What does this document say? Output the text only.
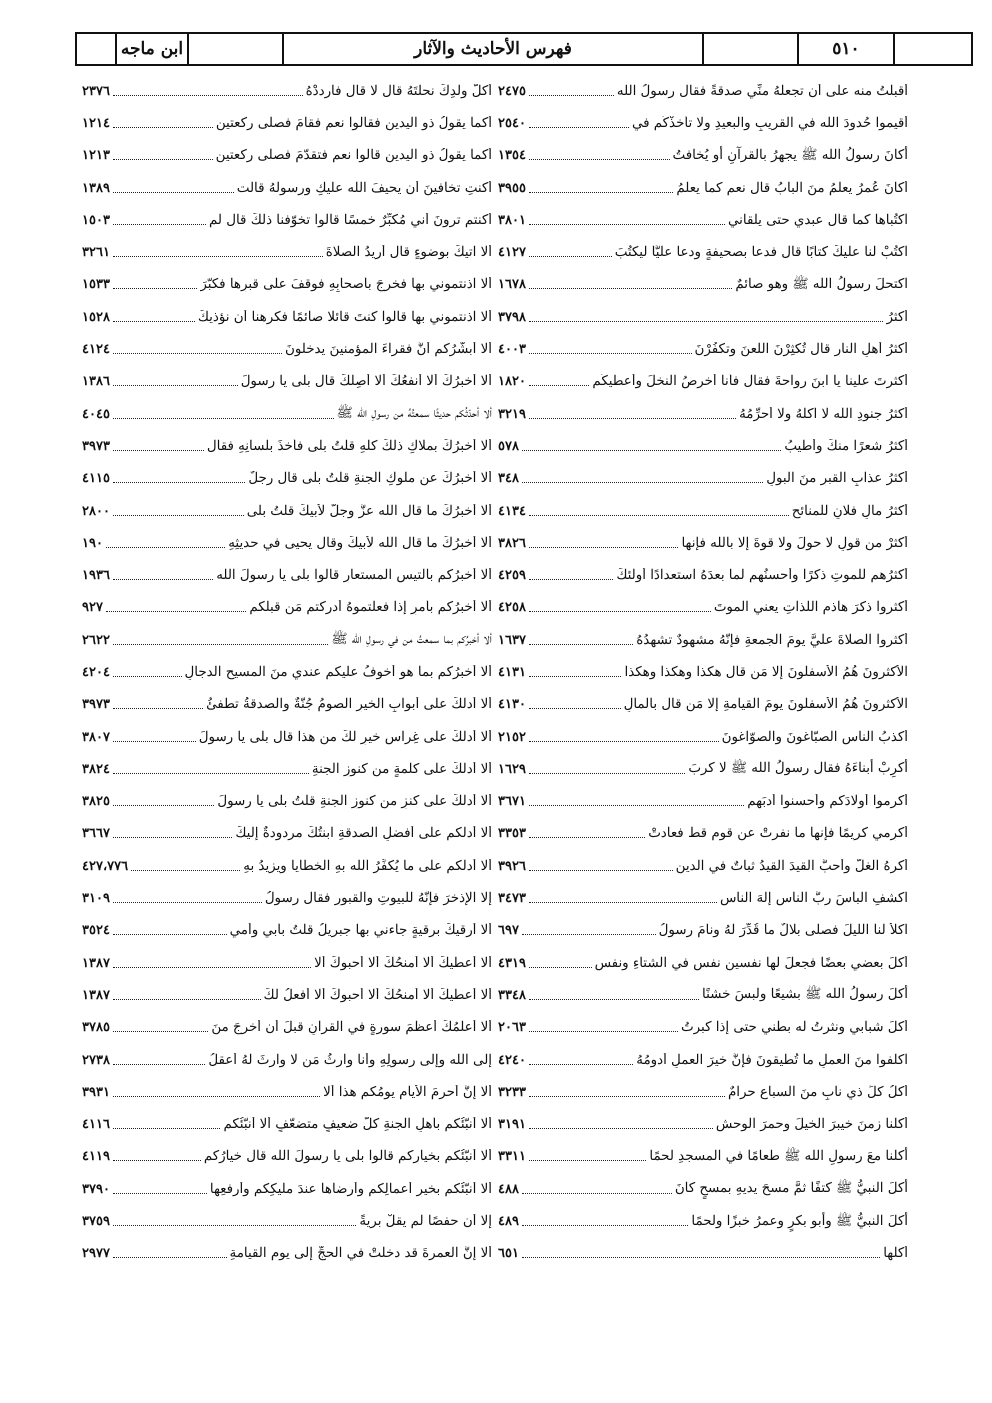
ابن ماجه	فهرس الأحاديث والآثار	٥١٠
أقبلتُ منه على أن تجعلَهُ منِّي صدقةً فقال رسولُ الله
٢٤٧٥
أقيموا حُدودَ الله في القريبِ والبعيدِ ولا تأخذْكُم في
٢٥٤٠
أكانَ رسولُ الله ﷺ يجهرُ بالقرآنِ أو يُخافتُ
١٣٥٤
أكانَ عُمرُ يعلمُ منَ البابُ قال نعم كما يعلمُ
٣٩٥٥
اكتُباها كما قال عبدي حتى يلقاني
٣٨٠١
اكتُبْ لنا عليكَ كتابًا قال فدعا بصحيفةٍ ودعا عليًّا ليكتُبَ
٤١٢٧
اكتحلَ رسولُ الله ﷺ وهو صائمٌ
١٦٧٨
أكثرُ
٣٧٩٨
أكثرُ أهلِ النارِ قال تُكثِرْنَ اللعنَ وتكفُرْنَ
٤٠٠٣
أكثرتَ علينا يا ابنَ رواحةَ فقال فأنا أخرِصُ النخلَ وأُعطيكُم
١٨٢٠
أكثرُ جنودِ الله لا آكلُهُ ولا أُحرِّمُهُ
٣٢١٩
أكثرُ شعرًا منكَ وأطيبُ
٥٧٨
أكثرُ عذابِ القبرِ منَ البولِ
٣٤٨
أكثرُ مالِ فلانٍ للمنائحِ
٤١٣٤
أكثرْ من قولِ لا حولَ ولا قوةَ إلا بالله فإنها
٣٨٢٦
أكثرُهم للموتِ ذكرًا وأحسنُهم لما بعدَهُ استعدادًا أولئكَ
٤٢٥٩
أكثروا ذكرَ هاذمِ اللذاتِ يعني الموتَ
٤٢٥٨
أكثروا الصلاةَ عليَّ يومَ الجمعةِ فإنَّهُ مشهودٌ تشهدُهُ
١٦٣٧
الأكثرونَ هُمُ الأسفلونَ إلا مَن قال هكذا وهكذا وهكذا
٤١٣١
الأكثرونَ هُمُ الأسفلونَ يومَ القيامةِ إلا مَن قال بالمالِ
٤١٣٠
أكذبُ الناسِ الصبّاغونَ والصوّاغونَ
٢١٥٢
أكرِبْ أبناءَهُ فقال رسولُ الله ﷺ لا كربَ
١٦٢٩
أكرموا أولادَكم وأحسنوا أدبَهم
٣٦٧١
أكرِمي كريمًا فإنها ما نفرتْ عن قومٍ قطُّ فعادتْ
٣٣٥٣
أكرهُ الغلَّ وأحبُّ القيدَ القيدُ ثباتٌ في الدينِ
٣٩٢٦
اكشفِ الباسَ ربَّ الناسِ إلهَ الناسِ
٣٤٧٣
اكلأْ لنا الليلَ فصلّى بلالٌ ما قُدِّرَ لهُ ونامَ رسولُ
٦٩٧
أكلَ بعضي بعضًا فجعلَ لها نفسينِ نفسٍ في الشتاءِ ونفسٍ
٤٣١٩
أكلَ رسولُ الله ﷺ بشيعًا ولبسَ خشنًا
٣٣٤٨
أكلَ شبابي ونثرتُ له بطني حتى إذا كبرتُ
٢٠٦٣
اكلفوا منَ العملِ ما تُطيقونَ فإنَّ خيرَ العملِ أدومُهُ
٤٢٤٠
أكلُ كلِّ ذي نابٍ منَ السباعِ حرامٌ
٣٢٣٣
أكلنا زمنَ خيبرَ الخيلَ وحمرَ الوحشِ
٣١٩١
أكلنا معَ رسولِ الله ﷺ طعامًا في المسجدِ لحمًا
٣٣١١
أكلَ النبيُّ ﷺ كتفًا ثمَّ مسحَ يديهِ بمسحٍ كانَ
٤٨٨
أكلَ النبيُّ ﷺ وأبو بكرٍ وعمرُ خبزًا ولحمًا
٤٨٩
أكلها
٦٥١
أكلُّ ولدِكَ نحلتَهُ قال لا قال فارددْهُ
٢٣٧٦
أكما يقولُ ذو اليدينِ فقالوا نعم فقامَ فصلّى ركعتينِ
١٢١٤
أكما يقولُ ذو اليدينِ قالوا نعم فتقدّمَ فصلّى ركعتينِ
١٢١٣
أكنتِ تخافينَ أن يحيفَ الله عليكِ ورسولُهُ قالت
١٣٨٩
أكنتم ترونَ أني مُكبِّرٌ خمسًا قالوا تخوّفنا ذلكَ قال لم
١٥٠٣
ألا آتيكَ بوضوءٍ قال أريدُ الصلاةَ
٣٢٦١
ألا آذنتموني بها فخرجَ بأصحابِهِ فوقفَ على قبرِها فكبّرَ
١٥٣٣
ألا آذنتموني بها قالوا كنتَ قائلًا صائمًا فكرهنا أن نؤذيكَ
١٥٢٨
ألا أبشّرُكم أنَّ فقراءَ المؤمنينَ يدخلونَ
٤١٢٤
ألا أخبرُكَ ألا أنفعُكَ ألا أصِلُكَ قال بلى يا رسولَ
١٣٨٦
ألا أحدّثُكم حديثًا سمعتُهُ من رسولِ الله ﷺ
٤٠٤٥
ألا أخبرُكَ بملاكِ ذلكَ كلِّهِ قلتُ بلى فأخذَ بلسانِهِ فقال
٣٩٧٣
ألا أخبرُكَ عن ملوكِ الجنةِ قلتُ بلى قال رجلٌ
٤١١٥
ألا أخبرُكَ ما قال الله عزَّ وجلَّ لأبيكَ قلتُ بلى
٢٨٠٠
ألا أخبرُكَ ما قال الله لأبيكَ وقال يحيى في حديثِهِ
١٩٠
ألا أخبرُكم بالتيسِ المستعارِ قالوا بلى يا رسولَ الله
١٩٣٦
ألا أخبرُكم بأمرٍ إذا فعلتموهُ أدركتم مَن قبلَكم
٩٢٧
ألا أخبرُكم بما سمعتُ من في رسولِ الله ﷺ
٢٦٢٢
ألا أخبرُكم بما هو أخوفُ عليكم عندي منَ المسيحِ الدجالِ
٤٢٠٤
ألا أدلُّكَ على أبوابِ الخيرِ الصومُ جُنّةٌ والصدقةُ تطفئُ
٣٩٧٣
ألا أدلُّكَ على غِراسٍ خيرٍ لكَ من هذا قال بلى يا رسولَ
٣٨٠٧
ألا أدلُّكَ على كلمةٍ من كنوزِ الجنةِ
٣٨٢٤
ألا أدلُّكَ على كنزٍ من كنوزِ الجنةِ قلتُ بلى يا رسولَ
٣٨٢٥
ألا أدلُّكم على أفضلِ الصدقةِ ابنتُكَ مردودةٌ إليكَ
٣٦٦٧
ألا أدلُّكم على ما يُكفِّرُ الله بهِ الخطايا ويزيدُ بهِ
٤٢٧،٧٧٦
إلا الإذخرَ فإنَّهُ للبيوتِ والقبورِ فقال رسولُ
٣١٠٩
ألا أرقيكَ برقيةٍ جاءني بها جبريلُ قلتُ بأبي وأمي
٣٥٢٤
ألا أعطيكَ ألا أمنحُكَ ألا أحبوكَ ألا
١٣٨٧
ألا أعطيكَ ألا أمنحُكَ ألا أحبوكَ ألا أفعلُ لكَ
١٣٨٧
ألا أعلّمُكَ أعظمَ سورةٍ في القرآنِ قبلَ أن أخرجَ منَ
٣٧٨٥
إلى الله وإلى رسولِهِ وأنا وارثُ مَن لا وارثَ لهُ أعقلُ
٢٧٣٨
ألا إنَّ أحرمَ الأيامِ يومُكم هذا ألا
٣٩٣١
ألا أنبّئُكم بأهلِ الجنةِ كلُّ ضعيفٍ متضعّفٍ ألا أنبّئُكم
٤١١٦
ألا أنبّئُكم بخيارِكم قالوا بلى يا رسولَ الله قال خيارُكم
٤١١٩
ألا أنبّئُكم بخيرِ أعمالِكم وأرضاها عندَ مليكِكم وأرفعِها
٣٧٩٠
إلا أن حفصًا لم يقلْ بريةً
٣٧٥٩
ألا إنَّ العمرةَ قد دخلتْ في الحجِّ إلى يومِ القيامةِ
٢٩٧٧
